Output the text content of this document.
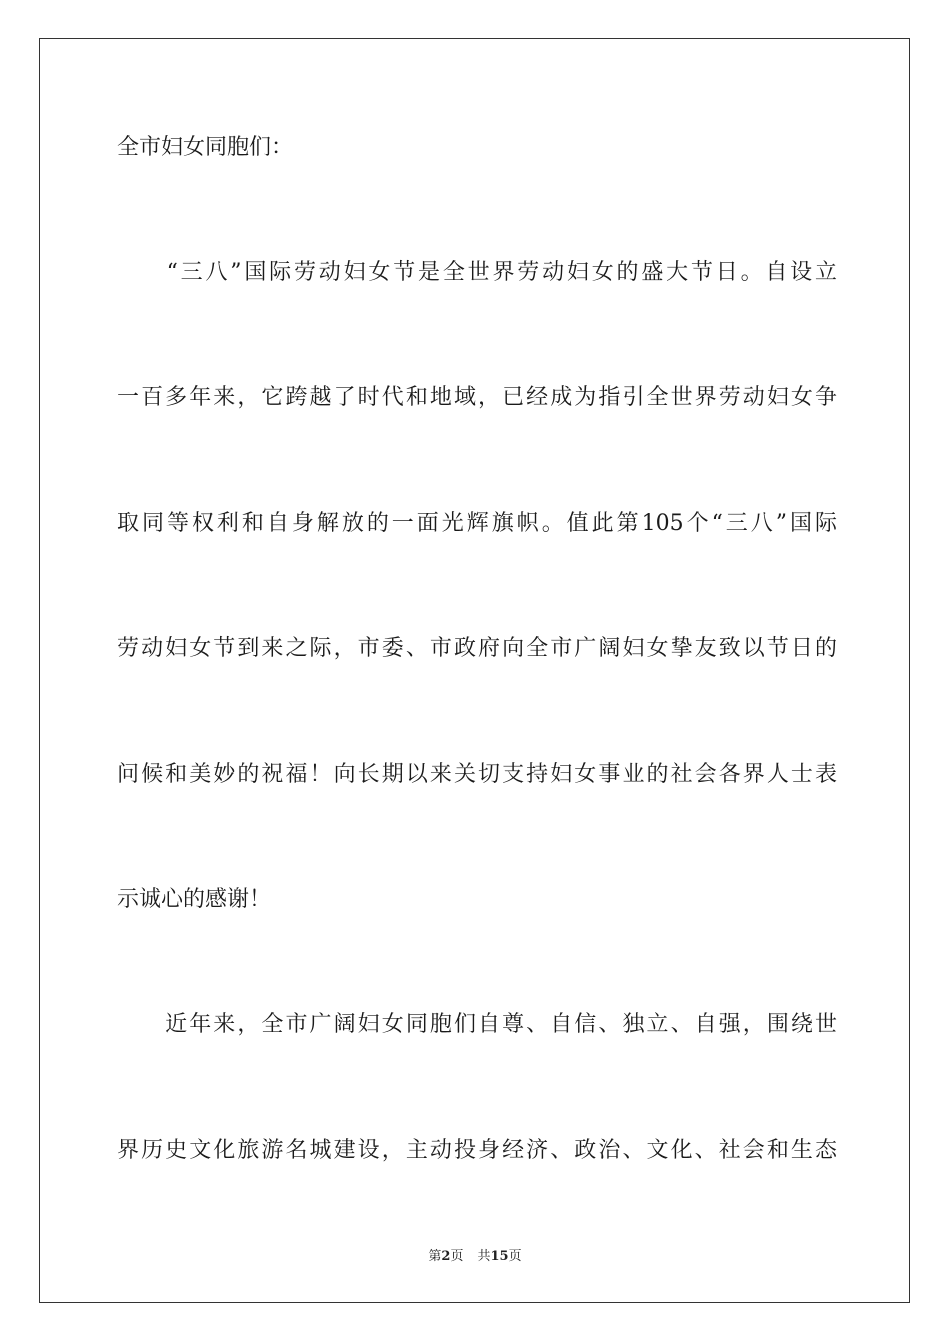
全市妇女同胞们：
　　“三八”国际劳动妇女节是全世界劳动妇女的盛大节日。自设立
一百多年来，它跨越了时代和地域，已经成为指引全世界劳动妇女争
取同等权利和自身解放的一面光辉旗帜。值此第105个“三八”国际
劳动妇女节到来之际，市委、市政府向全市广阔妇女挚友致以节日的
问候和美妙的祝福！向长期以来关切支持妇女事业的社会各界人士表
示诚心的感谢！
　　近年来，全市广阔妇女同胞们自尊、自信、独立、自强，围绕世
界历史文化旅游名城建设，主动投身经济、政治、文化、社会和生态
第2页 共15页
